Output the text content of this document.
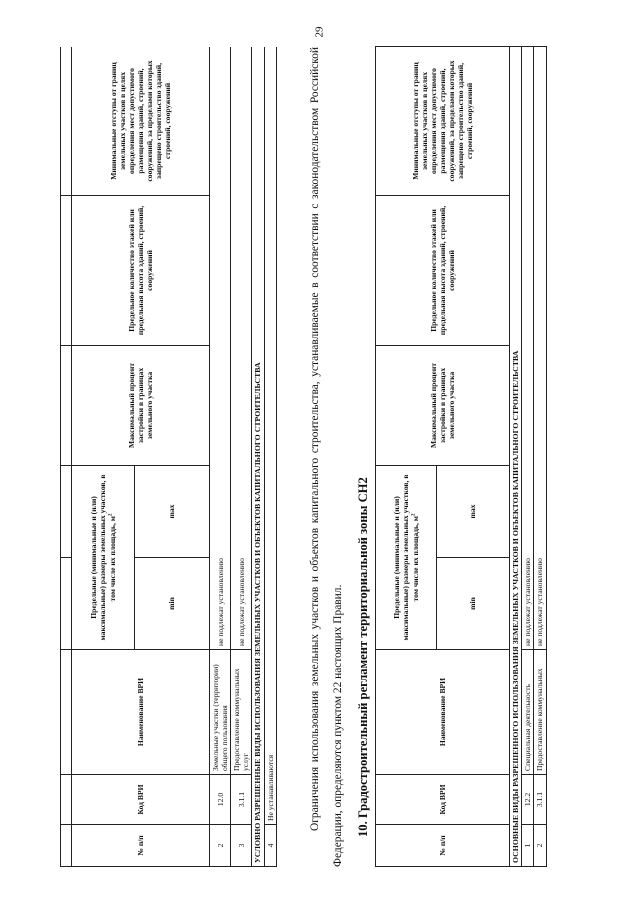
29

№ п/п	Код ВРИ	Наименование ВРИ	Предельные (минимальные и (или) максимальные) размеры земельных участков, в том числе их площадь, $м^2$		Максимальный процент застройки в границах земельного участка	Предельное количество этажей или предельная высота зданий, строений, сооружений	Минимальные отступы от границ земельных участков в целях определения мест допустимого размещения зданий, строений, сооружений, за пределами которых запрещено строительство зданий, строений, сооружений
			min	max			
2	12.0	Земельные участки (территории) общего пользования	не подлежат установлению				
3	3.1.1	Предоставление коммунальных услуг	не подлежат установлению				
УСЛОВНО РАЗРЕШЕННЫЕ ВИДЫ ИСПОЛЬЗОВАНИЯ ЗЕМЕЛЬНЫХ УЧАСТКОВ И ОБЪЕКТОВ КАПИТАЛЬНОГО СТРОИТЕЛЬСТВА							
4	Не устанавливаются							Ограничения использования земельных участков и объектов капитального строительства, устанавливаемые в соответствии с законодательством Российской Федерации, определяются пунктом 22 настоящих Правил. 10. Градостроительный регламент территориальной зоны СН2
№ п/п	Код ВРИ	Наименование ВРИ	Предельные (минимальные и (или) максимальные) размеры земельных участков, в том числе их площадь, $м^2$		Максимальный процент застройки в границах земельного участка	Предельное количество этажей или предельная высота зданий, строений, сооружений	Минимальные отступы от границ земельных участков в целях определения мест допустимого размещения зданий, строений, сооружений, за пределами которых запрещено строительство зданий, строений, сооружений
			min	max			
ОСНОВНЫЕ ВИДЫ РАЗРЕШЕННОГО ИСПОЛЬЗОВАНИЯ ЗЕМЕЛЬНЫХ УЧАСТКОВ И ОБЪЕКТОВ КАПИТАЛЬНОГО СТРОИТЕЛЬСТВА							
1	12.2	Специальная деятельность	не подлежат установлению				
2	3.1.1	Предоставление коммунальных	не подлежат установлению				
